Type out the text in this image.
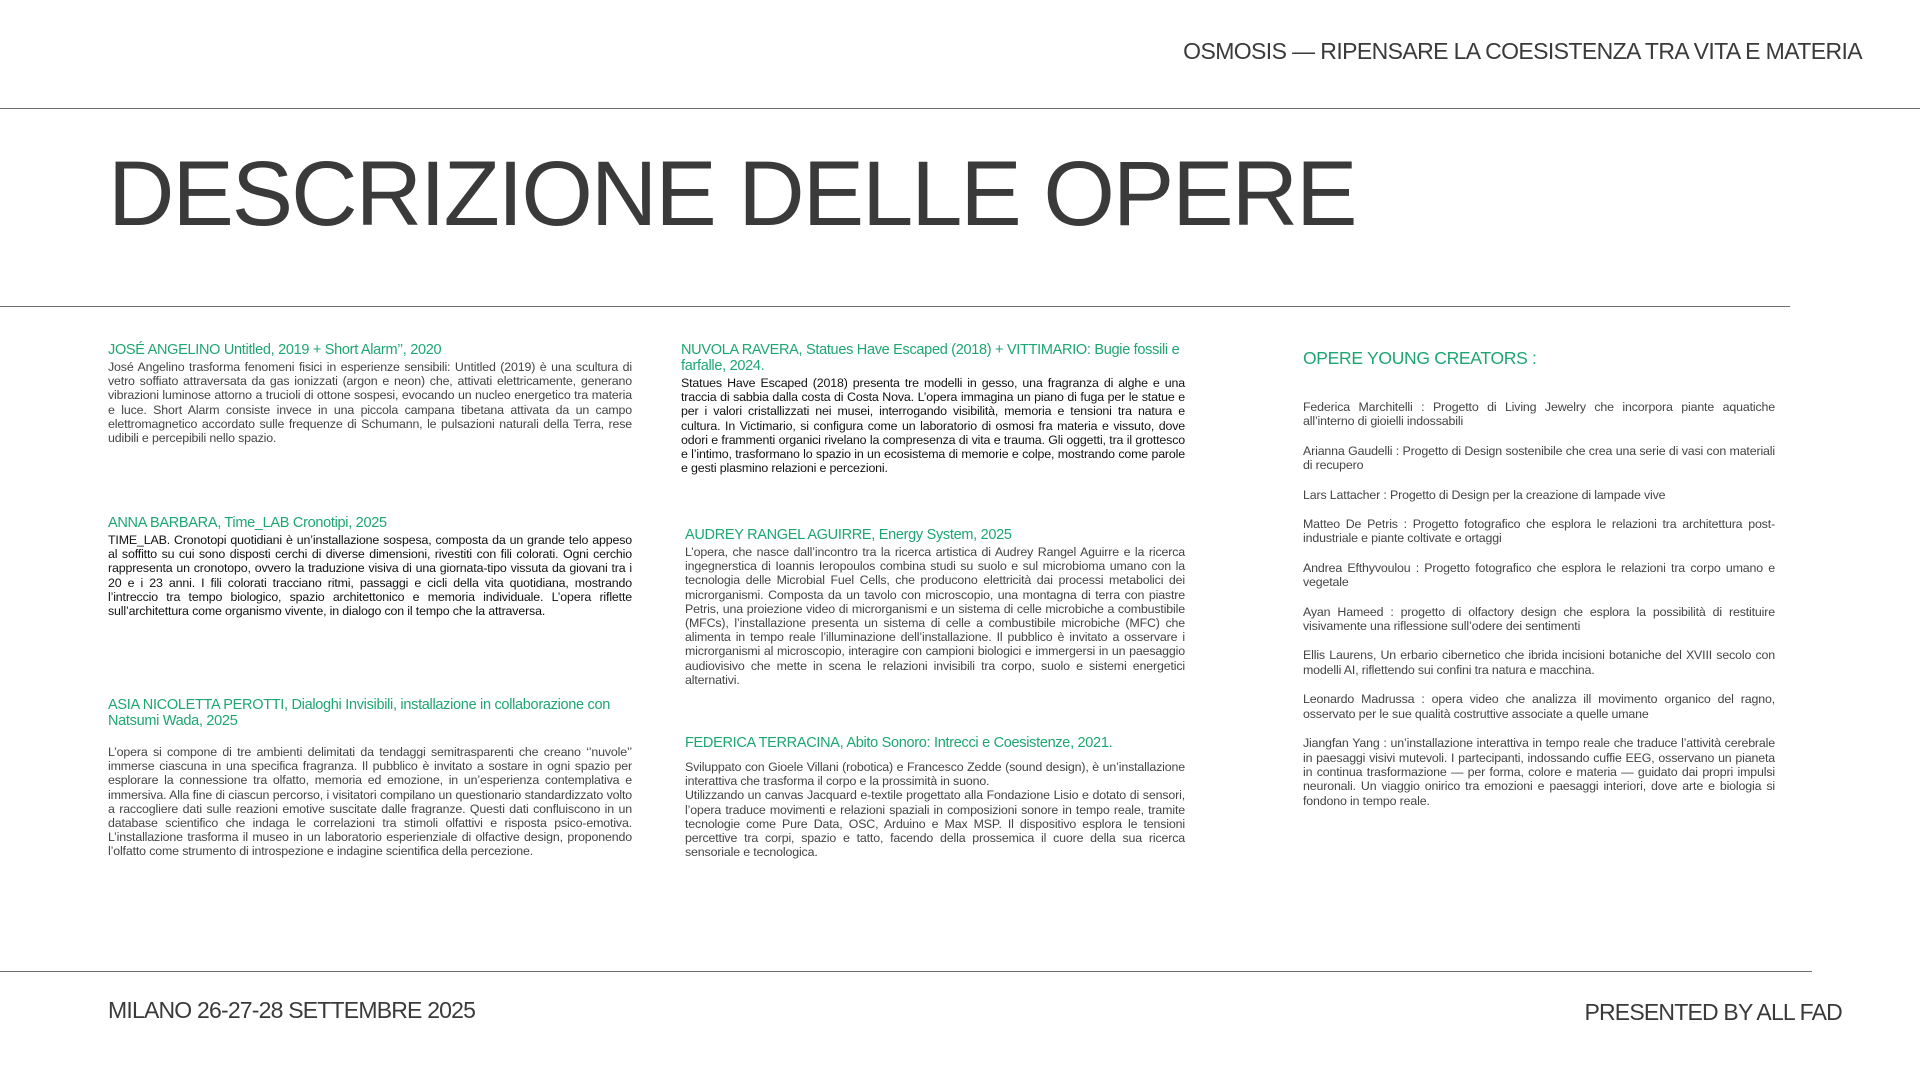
OSMOSIS — RIPENSARE LA COESISTENZA TRA VITA E MATERIA
DESCRIZIONE DELLE OPERE
JOSÉ ANGELINO Untitled, 2019 + Short Alarm’’, 2020
José Angelino trasforma fenomeni fisici in esperienze sensibili: Untitled (2019) è una scultura di vetro soffiato attraversata da gas ionizzati (argon e neon) che, attivati elettricamente, generano vibrazioni luminose attorno a trucioli di ottone sospesi, evocando un nucleo energetico tra materia e luce. Short Alarm consiste invece in una piccola campana tibetana attivata da un campo elettromagnetico accordato sulle frequenze di Schumann, le pulsazioni naturali della Terra, rese udibili e percepibili nello spazio.
ANNA BARBARA, Time_LAB Cronotipi, 2025
TIME_LAB. Cronotopi quotidiani è un’installazione sospesa, composta da un grande telo appeso al soffitto su cui sono disposti cerchi di diverse dimensioni, rivestiti con fili colorati. Ogni cerchio rappresenta un cronotopo, ovvero la traduzione visiva di una giornata-tipo vissuta da giovani tra i 20 e i 23 anni. I fili colorati tracciano ritmi, passaggi e cicli della vita quotidiana, mostrando l’intreccio tra tempo biologico, spazio architettonico e memoria individuale. L’opera riflette sull’architettura come organismo vivente, in dialogo con il tempo che la attraversa.
ASIA NICOLETTA PEROTTI, Dialoghi Invisibili, installazione in collaborazione con Natsumi Wada, 2025
L’opera si compone di tre ambienti delimitati da tendaggi semitrasparenti che creano ‘’nuvole’’ immerse ciascuna in una specifica fragranza. Il pubblico è invitato a sostare in ogni spazio per esplorare la connessione tra olfatto, memoria ed emozione, in un’esperienza contemplativa e immersiva. Alla fine di ciascun percorso, i visitatori compilano un questionario standardizzato volto a raccogliere dati sulle reazioni emotive suscitate dalle fragranze. Questi dati confluiscono in un database scientifico che indaga le correlazioni tra stimoli olfattivi e risposta psico-emotiva. L’installazione trasforma il museo in un laboratorio esperienziale di olfactive design, proponendo l’olfatto come strumento di introspezione e indagine scientifica della percezione.
NUVOLA RAVERA, Statues Have Escaped (2018) + VITTIMARIO: Bugie fossili e farfalle, 2024.
Statues Have Escaped (2018) presenta tre modelli in gesso, una fragranza di alghe e una traccia di sabbia dalla costa di Costa Nova. L’opera immagina un piano di fuga per le statue e per i valori cristallizzati nei musei, interrogando visibilità, memoria e tensioni tra natura e cultura. In Victimario, si configura come un laboratorio di osmosi fra materia e vissuto, dove odori e frammenti organici rivelano la compresenza di vita e trauma. Gli oggetti, tra il grottesco e l’intimo, trasformano lo spazio in un ecosistema di memorie e colpe, mostrando come parole e gesti plasmino relazioni e percezioni.
AUDREY RANGEL AGUIRRE, Energy System, 2025
L’opera, che nasce dall’incontro tra la ricerca artistica di Audrey Rangel Aguirre e la ricerca ingegnerstica di Ioannis Ieropoulos combina studi su suolo e sul microbioma umano con la tecnologia delle Microbial Fuel Cells, che producono elettricità dai processi metabolici dei microrganismi. Composta da un tavolo con microscopio, una montagna di terra con piastre Petris, una proiezione video di microrganismi e un sistema di celle microbiche a combustibile (MFCs), l’installazione presenta un sistema di celle a combustibile microbiche (MFC) che alimenta in tempo reale l’illuminazione dell’installazione. Il pubblico è invitato a osservare i microrganismi al microscopio, interagire con campioni biologici e immergersi in un paesaggio audiovisivo che mette in scena le relazioni invisibili tra corpo, suolo e sistemi energetici alternativi.
FEDERICA TERRACINA, Abito Sonoro: Intrecci e Coesistenze, 2021.

Sviluppato con Gioele Villani (robotica) e Francesco Zedde (sound design), è un’installazione interattiva che trasforma il corpo e la prossimità in suono.

Utilizzando un canvas Jacquard e-textile progettato alla Fondazione Lisio e dotato di sensori, l’opera traduce movimenti e relazioni spaziali in composizioni sonore in tempo reale, tramite tecnologie come Pure Data, OSC, Arduino e Max MSP. Il dispositivo esplora le tensioni percettive tra corpi, spazio e tatto, facendo della prossemica il cuore della sua ricerca sensoriale e tecnologica.

OPERE YOUNG CREATORS :
Federica Marchitelli : Progetto di Living Jewelry che incorpora piante aquatiche all’interno di gioielli indossabili
Arianna Gaudelli : Progetto di Design sostenibile che crea una serie di vasi con materiali di recupero
Lars Lattacher : Progetto di Design per la creazione di lampade vive
Matteo De Petris : Progetto fotografico che esplora le relazioni tra architettura post-industriale e piante coltivate e ortaggi
Andrea Efthyvoulou : Progetto fotografico che esplora le relazioni tra corpo umano e vegetale
Ayan Hameed : progetto di olfactory design che esplora la possibilità di restituire visivamente una riflessione sull’odere dei sentimenti
Ellis Laurens, Un erbario cibernetico che ibrida incisioni botaniche del XVIII secolo con modelli AI, riflettendo sui confini tra natura e macchina.
Leonardo Madrussa : opera video che analizza ill movimento organico del ragno, osservato per le sue qualità costruttive associate a quelle umane
Jiangfan Yang : un’installazione interattiva in tempo reale che traduce l’attività cerebrale in paesaggi visivi mutevoli. I partecipanti, indossando cuffie EEG, osservano un pianeta in continua trasformazione — per forma, colore e materia — guidato dai propri impulsi neuronali. Un viaggio onirico tra emozioni e paesaggi interiori, dove arte e biologia si fondono in tempo reale.
MILANO 26-27-28 SETTEMBRE 2025	PRESENTED BY ALL FAD
